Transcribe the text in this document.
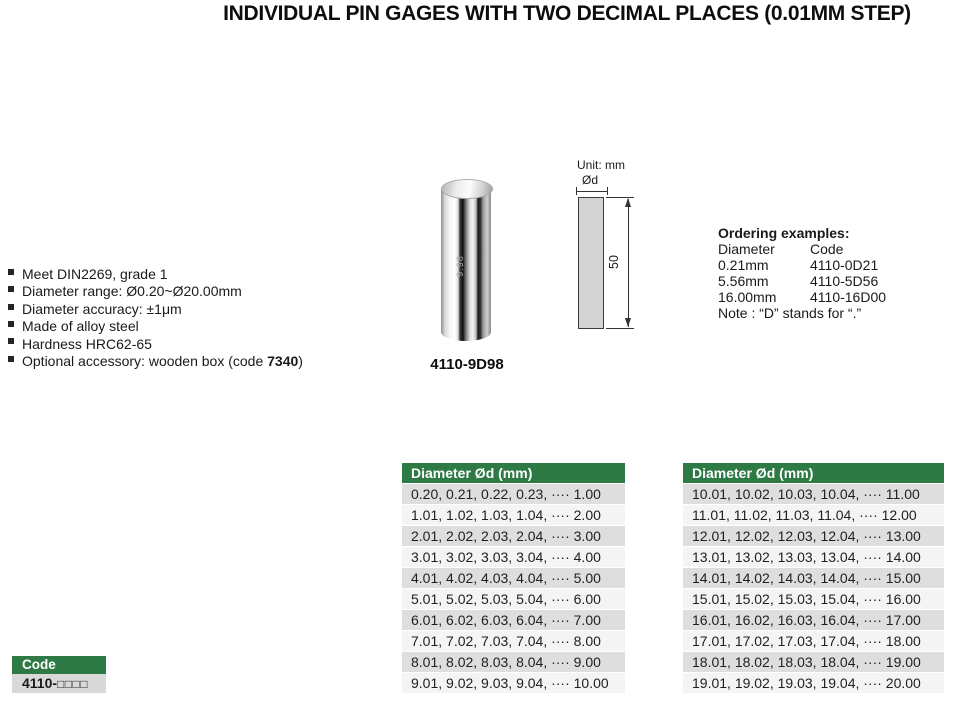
INDIVIDUAL PIN GAGES WITH TWO DECIMAL PLACES (0.01MM STEP)
Meet DIN2269, grade 1
Diameter range: Ø0.20~Ø20.00mm
Diameter accuracy: ±1μm
Made of alloy steel
Hardness HRC62-65
Optional accessory: wooden box (code 7340)
9.98
4110-9D98
Unit: mm
Ød
50
Ordering examples:
Diameter	Code
0.21mm	4110-0D21
5.56mm	4110-5D56
16.00mm 4110-16D00
Note : “D” stands for “.”
Code
4110-□□□□
Diameter Ød (mm)
0.20, 0.21, 0.22, 0.23, ···· 1.00
1.01, 1.02, 1.03, 1.04, ···· 2.00
2.01, 2.02, 2.03, 2.04, ···· 3.00
3.01, 3.02, 3.03, 3.04, ···· 4.00
4.01, 4.02, 4.03, 4.04, ···· 5.00
5.01, 5.02, 5.03, 5.04, ···· 6.00
6.01, 6.02, 6.03, 6.04, ···· 7.00
7.01, 7.02, 7.03, 7.04, ···· 8.00
8.01, 8.02, 8.03, 8.04, ···· 9.00
9.01, 9.02, 9.03, 9.04, ···· 10.00
Diameter Ød (mm)
10.01, 10.02, 10.03, 10.04, ···· 11.00
11.01, 11.02, 11.03, 11.04, ···· 12.00
12.01, 12.02, 12.03, 12.04, ···· 13.00
13.01, 13.02, 13.03, 13.04, ···· 14.00
14.01, 14.02, 14.03, 14.04, ···· 15.00
15.01, 15.02, 15.03, 15.04, ···· 16.00
16.01, 16.02, 16.03, 16.04, ···· 17.00
17.01, 17.02, 17.03, 17.04, ···· 18.00
18.01, 18.02, 18.03, 18.04, ···· 19.00
19.01, 19.02, 19.03, 19.04, ···· 20.00
